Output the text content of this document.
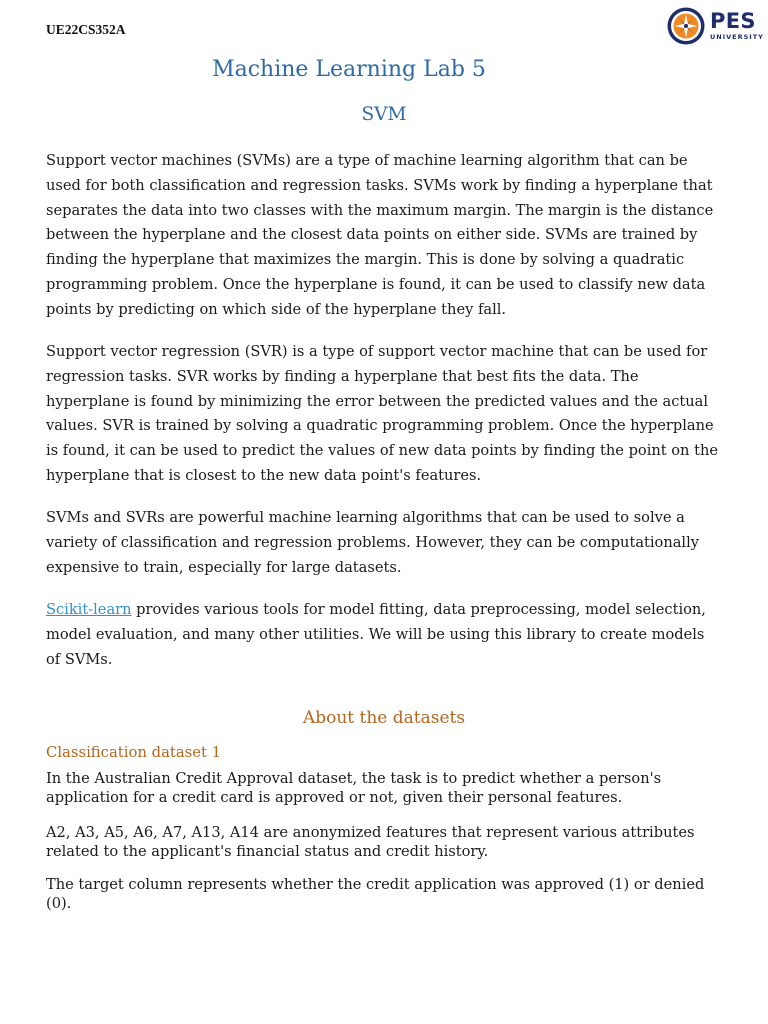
UE22CS352A	PES
UNIVERSITY
Machine Learning Lab 5
SVM

Support vector machines (SVMs) are a type of machine learning algorithm that can be used for both classification and regression tasks. SVMs work by finding a hyperplane that separates the data into two classes with the maximum margin. The margin is the distance between the hyperplane and the closest data points on either side. SVMs are trained by finding the hyperplane that maximizes the margin. This is done by solving a quadratic programming problem. Once the hyperplane is found, it can be used to classify new data points by predicting on which side of the hyperplane they fall.

Support vector regression (SVR) is a type of support vector machine that can be used for regression tasks. SVR works by finding a hyperplane that best fits the data. The hyperplane is found by minimizing the error between the predicted values and the actual values. SVR is trained by solving a quadratic programming problem. Once the hyperplane is found, it can be used to predict the values of new data points by finding the point on the hyperplane that is closest to the new data point's features.

SVMs and SVRs are powerful machine learning algorithms that can be used to solve a variety of classification and regression problems. However, they can be computationally expensive to train, especially for large datasets.

Scikit-learn provides various tools for model fitting, data preprocessing, model selection, model evaluation, and many other utilities. We will be using this library to create models of SVMs.

About the datasets
Classification dataset 1

In the Australian Credit Approval dataset, the task is to predict whether a person's application for a credit card is approved or not, given their personal features.

A2, A3, A5, A6, A7, A13, A14 are anonymized features that represent various attributes related to the applicant's financial status and credit history.

The target column represents whether the credit application was approved (1) or denied (0).
